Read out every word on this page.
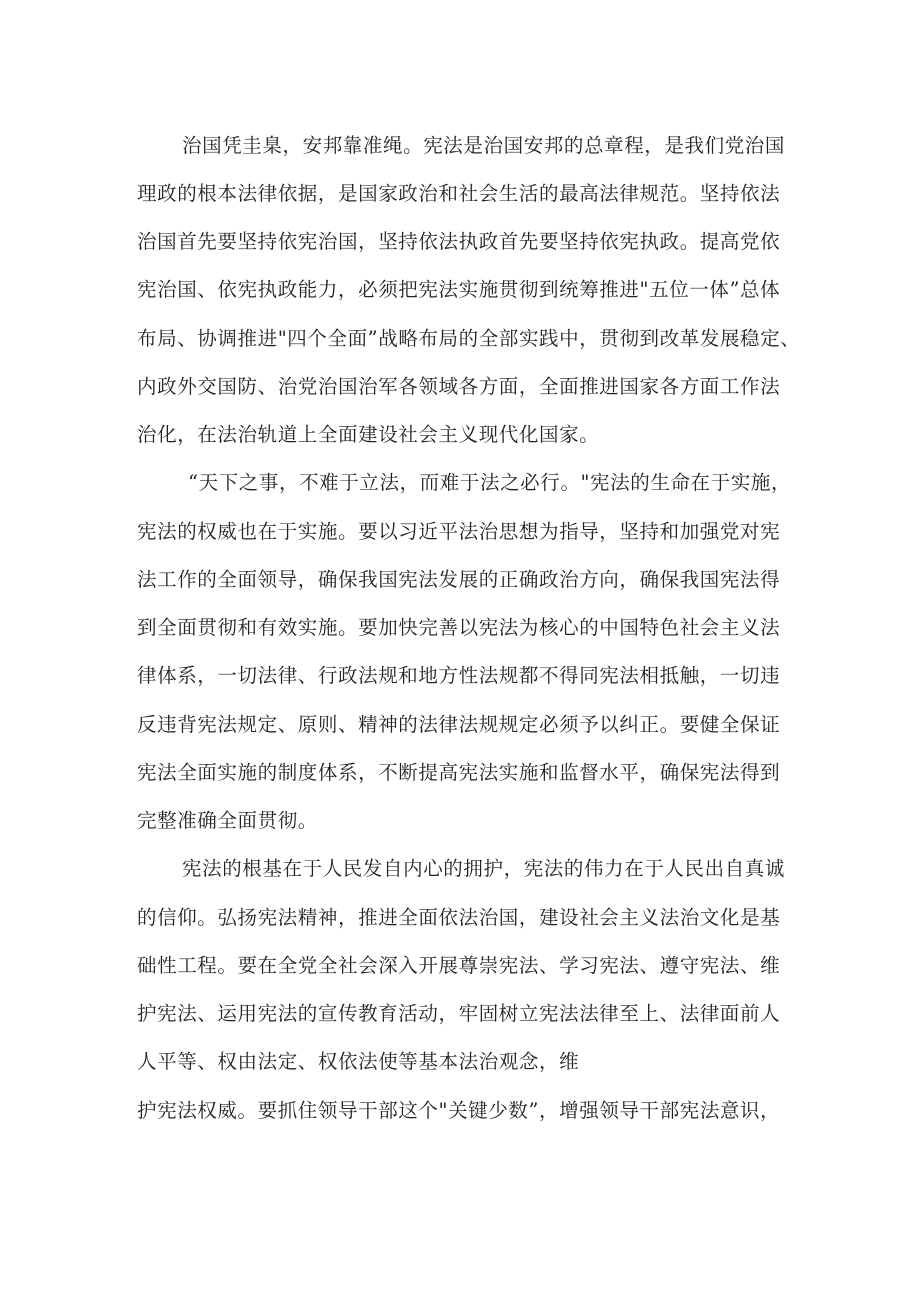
治国凭圭臬，安邦靠准绳。宪法是治国安邦的总章程，是我们党治国
理政的根本法律依据，是国家政治和社会生活的最高法律规范。坚持依法
治国首先要坚持依宪治国，坚持依法执政首先要坚持依宪执政。提高党依
宪治国、依宪执政能力，必须把宪法实施贯彻到统筹推进"五位一体”总体
布局、协调推进"四个全面”战略布局的全部实践中，贯彻到改革发展稳定、
内政外交国防、治党治国治军各领域各方面，全面推进国家各方面工作法
治化，在法治轨道上全面建设社会主义现代化国家。
“天下之事，不难于立法，而难于法之必行。"宪法的生命在于实施，
宪法的权威也在于实施。要以习近平法治思想为指导，坚持和加强党对宪
法工作的全面领导，确保我国宪法发展的正确政治方向，确保我国宪法得
到全面贯彻和有效实施。要加快完善以宪法为核心的中国特色社会主义法
律体系，一切法律、行政法规和地方性法规都不得同宪法相抵触，一切违
反违背宪法规定、原则、精神的法律法规规定必须予以纠正。要健全保证
宪法全面实施的制度体系，不断提高宪法实施和监督水平，确保宪法得到
完整准确全面贯彻。
宪法的根基在于人民发自内心的拥护，宪法的伟力在于人民出自真诚
的信仰。弘扬宪法精神，推进全面依法治国，建设社会主义法治文化是基
础性工程。要在全党全社会深入开展尊崇宪法、学习宪法、遵守宪法、维
护宪法、运用宪法的宣传教育活动，牢固树立宪法法律至上、法律面前人
人平等、权由法定、权依法使等基本法治观念，维
护宪法权威。要抓住领导干部这个"关键少数”，增强领导干部宪法意识，
